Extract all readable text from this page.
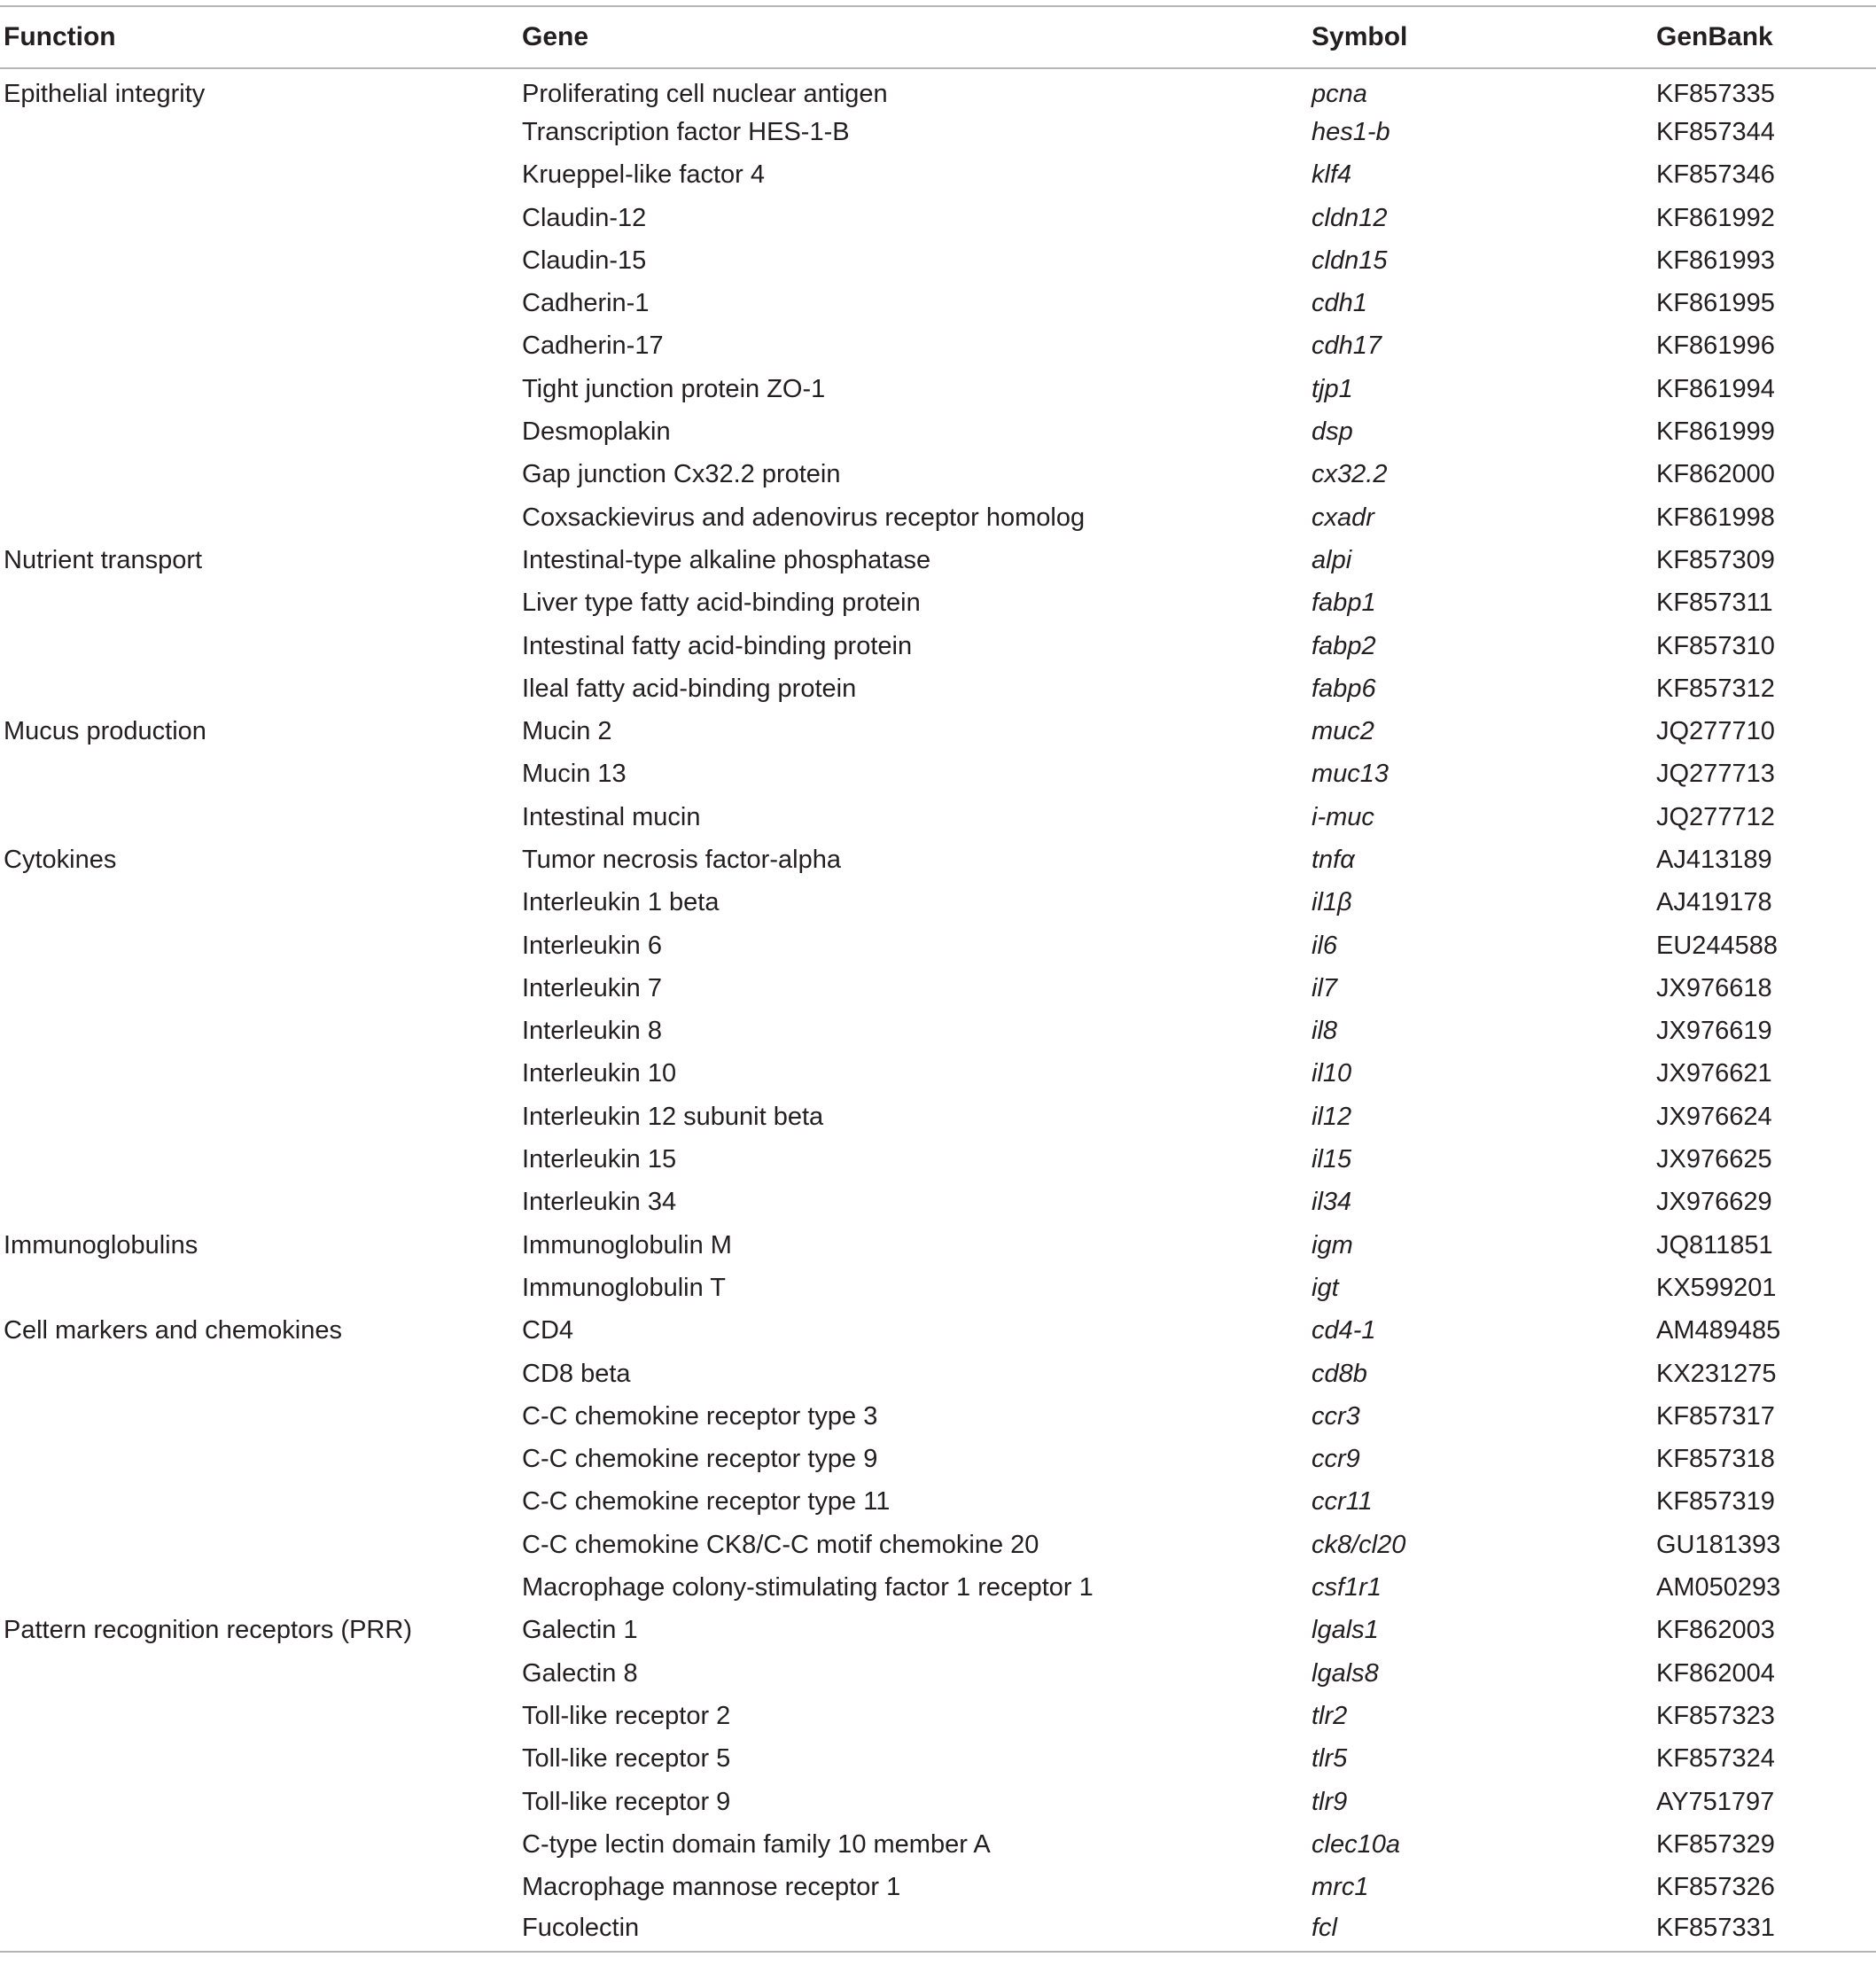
Function	Gene	Symbol	GenBank
Epithelial integrity	Proliferating cell nuclear antigen	pcna	KF857335
	Transcription factor HES-1-B	hes1-b	KF857344
	Krueppel-like factor 4	klf4	KF857346
	Claudin-12	cldn12	KF861992
	Claudin-15	cldn15	KF861993
	Cadherin-1	cdh1	KF861995
	Cadherin-17	cdh17	KF861996
	Tight junction protein ZO-1	tjp1	KF861994
	Desmoplakin	dsp	KF861999
	Gap junction Cx32.2 protein	cx32.2	KF862000
	Coxsackievirus and adenovirus receptor homolog	cxadr	KF861998
Nutrient transport	Intestinal-type alkaline phosphatase	alpi	KF857309
	Liver type fatty acid-binding protein	fabp1	KF857311
	Intestinal fatty acid-binding protein	fabp2	KF857310
	Ileal fatty acid-binding protein	fabp6	KF857312
Mucus production	Mucin 2	muc2	JQ277710
	Mucin 13	muc13	JQ277713
	Intestinal mucin	i-muc	JQ277712
Cytokines	Tumor necrosis factor-alpha	tnfα	AJ413189
	Interleukin 1 beta	il1β	AJ419178
	Interleukin 6	il6	EU244588
	Interleukin 7	il7	JX976618
	Interleukin 8	il8	JX976619
	Interleukin 10	il10	JX976621
	Interleukin 12 subunit beta	il12	JX976624
	Interleukin 15	il15	JX976625
	Interleukin 34	il34	JX976629
Immunoglobulins	Immunoglobulin M	igm	JQ811851
	Immunoglobulin T	igt	KX599201
Cell markers and chemokines	CD4	cd4-1	AM489485
	CD8 beta	cd8b	KX231275
	C-C chemokine receptor type 3	ccr3	KF857317
	C-C chemokine receptor type 9	ccr9	KF857318
	C-C chemokine receptor type 11	ccr11	KF857319
	C-C chemokine CK8/C-C motif chemokine 20	ck8/cl20	GU181393
	Macrophage colony-stimulating factor 1 receptor 1	csf1r1	AM050293
Pattern recognition receptors (PRR)	Galectin 1	lgals1	KF862003
	Galectin 8	lgals8	KF862004
	Toll-like receptor 2	tlr2	KF857323
	Toll-like receptor 5	tlr5	KF857324
	Toll-like receptor 9	tlr9	AY751797
	C-type lectin domain family 10 member A	clec10a	KF857329
	Macrophage mannose receptor 1	mrc1	KF857326
	Fucolectin	fcl	KF857331
